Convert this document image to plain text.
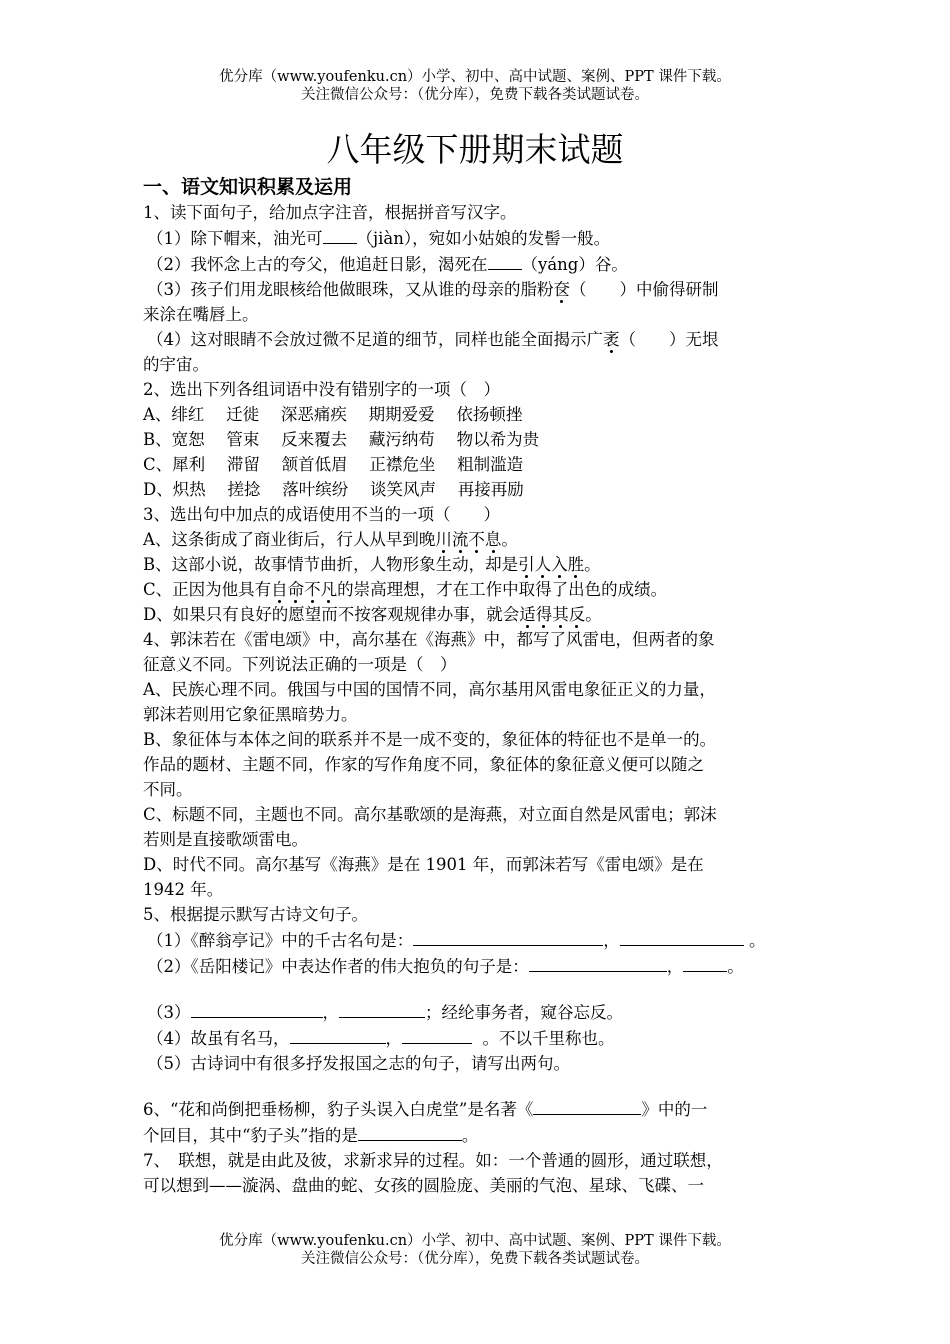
优分库（www.youfenku.cn）小学、初中、高中试题、案例、PPT 课件下载。
关注微信公众号：（优分库），免费下载各类试题试卷。
八年级下册期末试题
一、语文知识积累及运用

1、读下面句子，给加点字注音，根据拼音写汉字。

（1）除下帽来，油光可 （jiàn），宛如小姑娘的发髻一般。

（2）我怀念上古的夸父，他追赶日影，渴死在 （yáng）谷。

（3）孩子们用龙眼核给他做眼珠，又从谁的母亲的脂粉奁（　　）中偷得研制

来涂在嘴唇上。

（4）这对眼睛不会放过微不足道的细节，同样也能全面揭示广袤（　　）无垠

的宇宙。

2、选出下列各组词语中没有错别字的一项（　）

A、绯红　 迁徙　 深恶痛疾　 期期爱爱　 依扬顿挫

B、宽恕　 管束　 反来覆去　 藏污纳苟　 物以希为贵

C、犀利　 滞留　 颔首低眉　 正襟危坐　 粗制滥造

D、炽热　 搓捻　 落叶缤纷　 谈笑风声　 再接再励

3、选出句中加点的成语使用不当的一项（　　）

A、这条街成了商业街后，行人从早到晚川流不息。

B、这部小说，故事情节曲折，人物形象生动，却是引人入胜。

C、正因为他具有自命不凡的崇高理想，才在工作中取得了出色的成绩。

D、如果只有良好的愿望而不按客观规律办事，就会适得其反。

4、郭沫若在《雷电颂》中，高尔基在《海燕》中，都写了风雷电，但两者的象

征意义不同。下列说法正确的一项是（　）

A、民族心理不同。俄国与中国的国情不同，高尔基用风雷电象征正义的力量，

郭沫若则用它象征黑暗势力。

B、象征体与本体之间的联系并不是一成不变的，象征体的特征也不是单一的。

作品的题材、主题不同，作家的写作角度不同，象征体的象征意义便可以随之

不同。

C、标题不同，主题也不同。高尔基歌颂的是海燕，对立面自然是风雷电；郭沫

若则是直接歌颂雷电。

D、时代不同。高尔基写《海燕》是在 1901 年，而郭沫若写《雷电颂》是在

1942 年。

5、根据提示默写古诗文句子。

（1）《醉翁亭记》中的千古名句是：	，	。

（2）《岳阳楼记》中表达作者的伟大抱负的句子是：	，	。

（3）	，	；经纶事务者，窥谷忘反。

（4）故虽有名马，	，	。不以千里称也。

（5）古诗词中有很多抒发报国之志的句子，请写出两句。

6、“花和尚倒把垂杨柳，豹子头误入白虎堂”是名著《	》中的一

个回目，其中“豹子头”指的是	。

7、　联想，就是由此及彼，求新求异的过程。如：一个普通的圆形，通过联想，

可以想到——漩涡、盘曲的蛇、女孩的圆脸庞、美丽的气泡、星球、飞碟、一

优分库（www.youfenku.cn）小学、初中、高中试题、案例、PPT 课件下载。
关注微信公众号：（优分库），免费下载各类试题试卷。
